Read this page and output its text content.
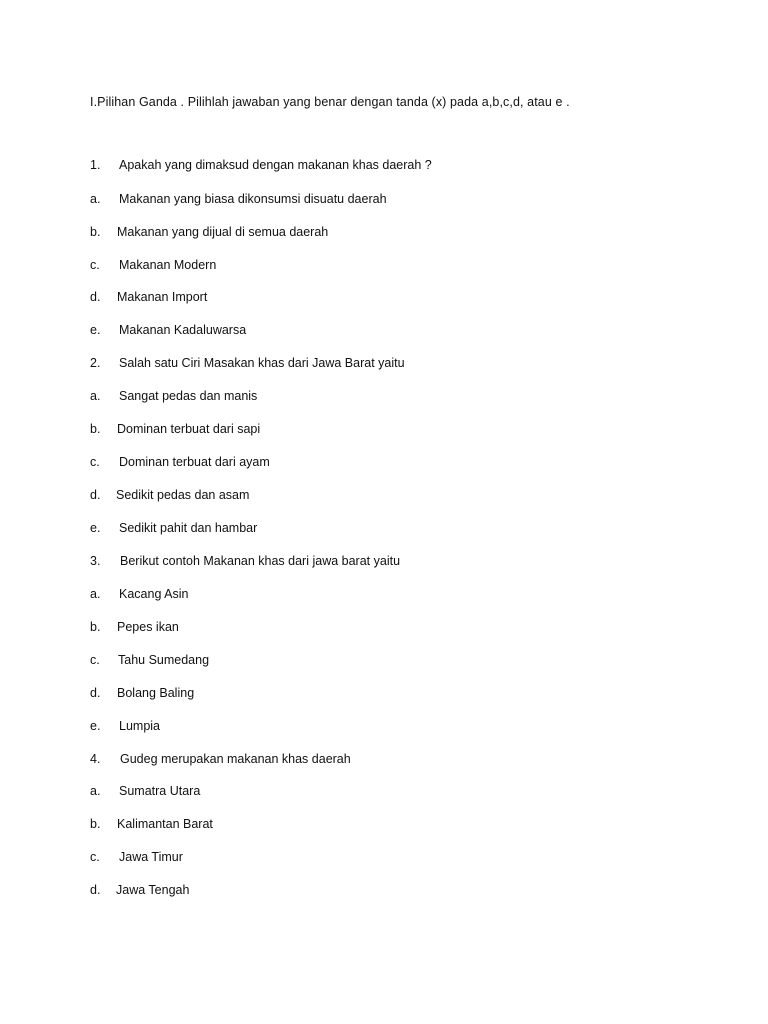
I.Pilihan Ganda . Pilihlah jawaban yang benar dengan tanda (x) pada a,b,c,d, atau e .
1. Apakah yang dimaksud dengan makanan khas daerah ?
a. Makanan yang biasa dikonsumsi disuatu daerah
b. Makanan yang dijual di semua daerah
c. Makanan Modern
d. Makanan Import
e. Makanan Kadaluwarsa
2. Salah satu Ciri Masakan khas dari Jawa Barat yaitu
a. Sangat pedas dan manis
b. Dominan terbuat dari sapi
c. Dominan terbuat dari ayam
d. Sedikit pedas dan asam
e. Sedikit pahit dan hambar
3. Berikut contoh Makanan khas dari jawa barat yaitu
a. Kacang Asin
b. Pepes ikan
c. Tahu Sumedang
d. Bolang Baling
e. Lumpia
4. Gudeg merupakan makanan khas daerah
a. Sumatra Utara
b. Kalimantan Barat
c. Jawa Timur
d. Jawa Tengah
